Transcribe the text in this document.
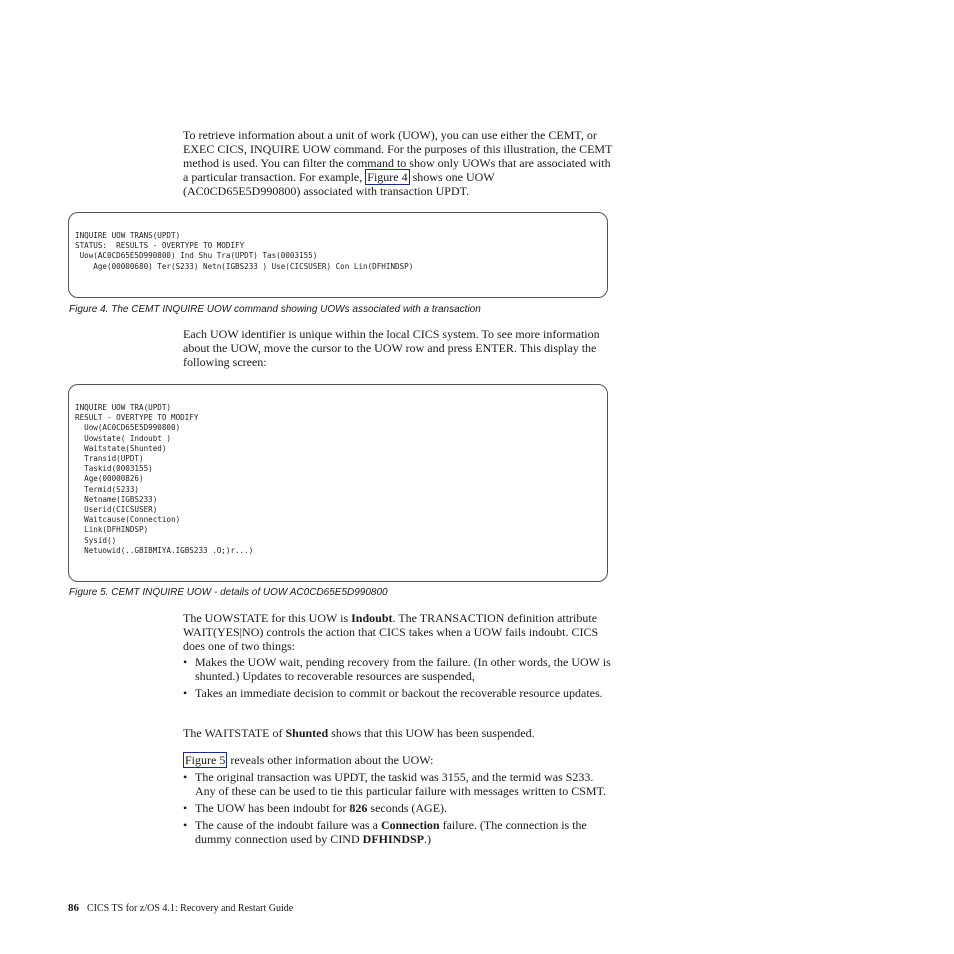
To retrieve information about a unit of work (UOW), you can use either the CEMT, or EXEC CICS, INQUIRE UOW command. For the purposes of this illustration, the CEMT method is used. You can filter the command to show only UOWs that are associated with a particular transaction. For example, Figure 4 shows one UOW (AC0CD65E5D990800) associated with transaction UPDT.

INQUIRE UOW TRANS(UPDT)
STATUS:  RESULTS - OVERTYPE TO MODIFY
Uow(AC0CD65E5D990800) Ind Shu Tra(UPDT) Tas(0003155)
Age(00000680) Ter(S233) Netn(IGBS233 ) Use(CICSUSER) Con Lin(DFHINDSP)
Figure 4. The CEMT INQUIRE UOW command showing UOWs associated with a transaction

Each UOW identifier is unique within the local CICS system. To see more information about the UOW, move the cursor to the UOW row and press ENTER. This display the following screen:

INQUIRE UOW TRA(UPDT)
RESULT - OVERTYPE TO MODIFY
Uow(AC0CD65E5D990800)
Uowstate( Indoubt )
Waitstate(Shunted)
Transid(UPDT)
Taskid(0003155)
Age(00000826)
Termid(S233)
Netname(IGBS233)
Userid(CICSUSER)
Waitcause(Connection)
Link(DFHINDSP)
Sysid()
Netuowid(..GBIBMIYA.IGBS233 .O;)r...)
Figure 5. CEMT INQUIRE UOW - details of UOW AC0CD65E5D990800

The UOWSTATE for this UOW is Indoubt. The TRANSACTION definition attribute WAIT(YES|NO) controls the action that CICS takes when a UOW fails indoubt. CICS does one of two things:

• Makes the UOW wait, pending recovery from the failure. (In other words, the UOW is shunted.) Updates to recoverable resources are suspended,
• Takes an immediate decision to commit or backout the recoverable resource updates.

The WAITSTATE of Shunted shows that this UOW has been suspended.

Figure 5 reveals other information about the UOW:

• The original transaction was UPDT, the taskid was 3155, and the termid was S233. Any of these can be used to tie this particular failure with messages written to CSMT.
• The UOW has been indoubt for 826 seconds (AGE).
• The cause of the indoubt failure was a Connection failure. (The connection is the dummy connection used by CIND DFHINDSP.)
86 CICS TS for z/OS 4.1: Recovery and Restart Guide
